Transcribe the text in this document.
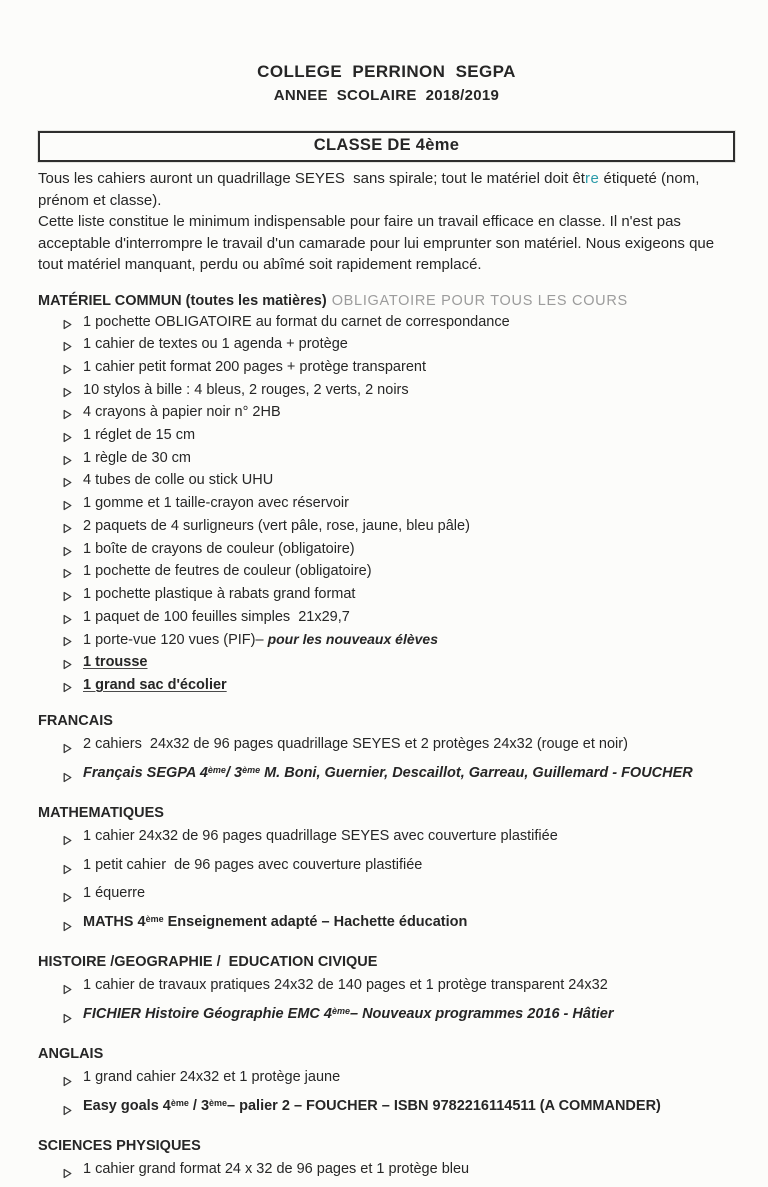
COLLEGE  PERRINON  SEGPA
ANNEE  SCOLAIRE  2018/2019
CLASSE DE 4ème

Tous les cahiers auront un quadrillage SEYES  sans spirale; tout le matériel doit être étiqueté (nom, prénom et classe).

Cette liste constitue le minimum indispensable pour faire un travail efficace en classe. Il n'est pas acceptable d'interrompre le travail d'un camarade pour lui emprunter son matériel. Nous exigeons que tout matériel manquant, perdu ou abîmé soit rapidement remplacé.

MATÉRIEL COMMUN (toutes les matières) OBLIGATOIRE POUR TOUS LES COURS
1 pochette OBLIGATOIRE au format du carnet de correspondance
1 cahier de textes ou 1 agenda + protège
1 cahier petit format 200 pages + protège transparent
10 stylos à bille : 4 bleus, 2 rouges, 2 verts, 2 noirs
4 crayons à papier noir n° 2HB
1 réglet de 15 cm
1 règle de 30 cm
4 tubes de colle ou stick UHU
1 gomme et 1 taille-crayon avec réservoir
2 paquets de 4 surligneurs (vert pâle, rose, jaune, bleu pâle)
1 boîte de crayons de couleur (obligatoire)
1 pochette de feutres de couleur (obligatoire)
1 pochette plastique à rabats grand format
1 paquet de 100 feuilles simples  21x29,7
1 porte-vue 120 vues (PIF)– pour les nouveaux élèves
1 trousse
1 grand sac d'écolier
FRANCAIS
2 cahiers  24x32 de 96 pages quadrillage SEYES et 2 protèges 24x32 (rouge et noir)
Français SEGPA 4ème/ 3ème M. Boni, Guernier, Descaillot, Garreau, Guillemard - FOUCHER
MATHEMATIQUES
1 cahier 24x32 de 96 pages quadrillage SEYES avec couverture plastifiée
1 petit cahier  de 96 pages avec couverture plastifiée
1 équerre
MATHS 4ème Enseignement adapté – Hachette éducation
HISTOIRE /GEOGRAPHIE /  EDUCATION CIVIQUE
1 cahier de travaux pratiques 24x32 de 140 pages et 1 protège transparent 24x32
FICHIER Histoire Géographie EMC 4ème– Nouveaux programmes 2016 - Hâtier
ANGLAIS
1 grand cahier 24x32 et 1 protège jaune
Easy goals 4ème / 3ème– palier 2 – FOUCHER – ISBN 9782216114511 (A COMMANDER)
SCIENCES PHYSIQUES
1 cahier grand format 24 x 32 de 96 pages et 1 protège bleu
